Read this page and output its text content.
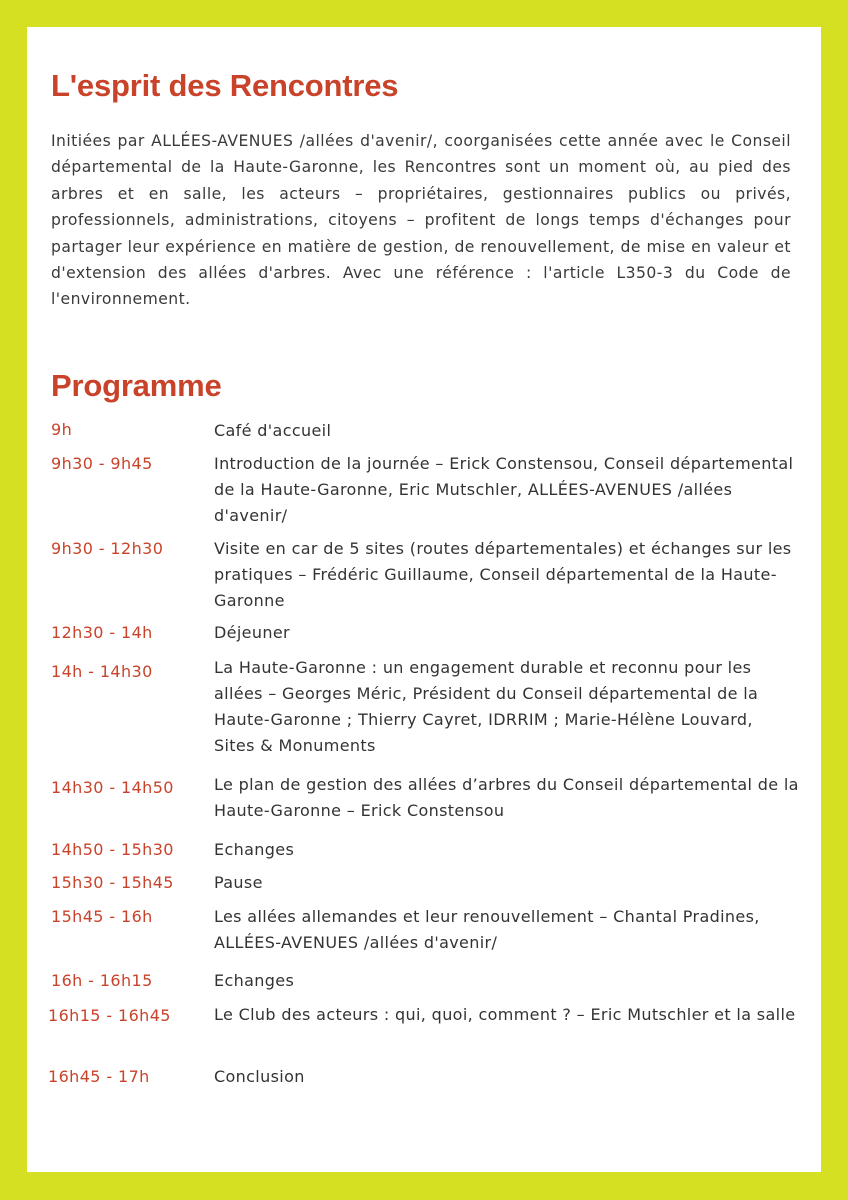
L'esprit des Rencontres

Initiées par ALLÉES-AVENUES /allées d'avenir/, coorganisées cette année avec le Conseil départemental de la Haute-Garonne, les Rencontres sont un moment où, au pied des arbres et en salle, les acteurs – propriétaires, gestionnaires publics ou privés, professionnels, administrations, citoyens – profitent de longs temps d'échanges pour partager leur expérience en matière de gestion, de renouvellement, de mise en valeur et d'extension des allées d'arbres. Avec une référence : l'article L350-3 du Code de l'environnement.

Programme
9h	Café d'accueil
9h30 - 9h45	Introduction de la journée – Erick Constensou, Conseil départemental de la Haute-Garonne, Eric Mutschler, ALLÉES-AVENUES /allées d'avenir/
9h30 - 12h30	Visite en car de 5 sites (routes départementales) et échanges sur les pratiques – Frédéric Guillaume, Conseil départemental de la Haute-Garonne
12h30 - 14h	Déjeuner
14h - 14h30	La Haute-Garonne : un engagement durable et reconnu pour les allées – Georges Méric, Président du Conseil départemental de la Haute-Garonne ; Thierry Cayret, IDRRIM ; Marie-Hélène Louvard, Sites & Monuments
14h30 - 14h50	Le plan de gestion des allées d’arbres du Conseil départemental de la Haute-Garonne – Erick Constensou
14h50 - 15h30	Echanges
15h30 - 15h45	Pause
15h45 - 16h	Les allées allemandes et leur renouvellement – Chantal Pradines, ALLÉES-AVENUES /allées d'avenir/
16h - 16h15	Echanges
16h15 - 16h45	Le Club des acteurs : qui, quoi, comment ? – Eric Mutschler et la salle
16h45 - 17h	Conclusion
